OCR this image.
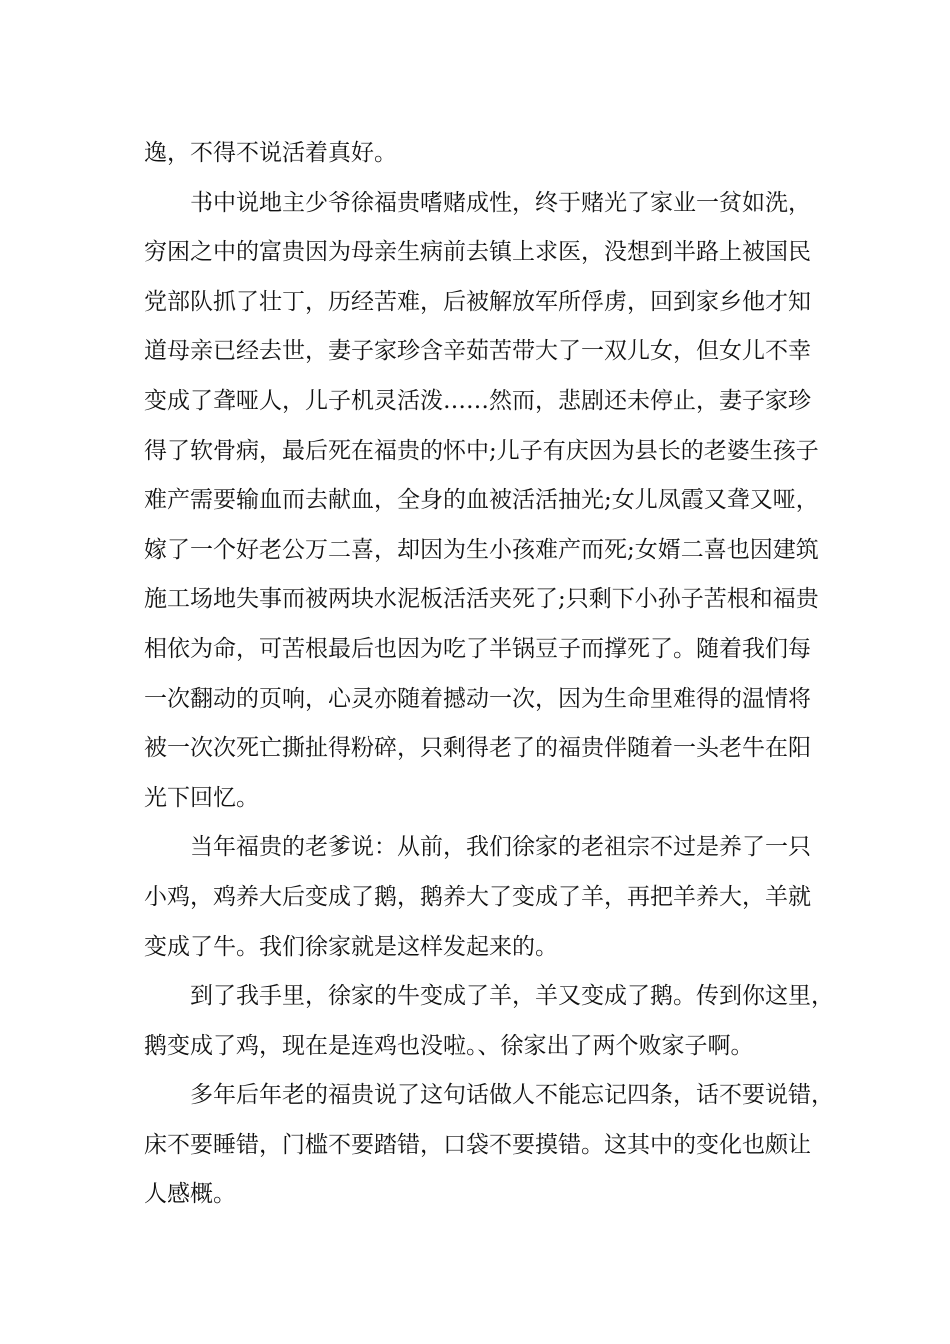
逸，不得不说活着真好。
书中说地主少爷徐福贵嗜赌成性，终于赌光了家业一贫如洗，
穷困之中的富贵因为母亲生病前去镇上求医，没想到半路上被国民
党部队抓了壮丁，历经苦难，后被解放军所俘虏，回到家乡他才知
道母亲已经去世，妻子家珍含辛茹苦带大了一双儿女，但女儿不幸
变成了聋哑人，儿子机灵活泼……然而，悲剧还未停止，妻子家珍
得了软骨病，最后死在福贵的怀中;儿子有庆因为县长的老婆生孩子
难产需要输血而去献血，全身的血被活活抽光;女儿凤霞又聋又哑，
嫁了一个好老公万二喜，却因为生小孩难产而死;女婿二喜也因建筑
施工场地失事而被两块水泥板活活夹死了;只剩下小孙子苦根和福贵
相依为命，可苦根最后也因为吃了半锅豆子而撑死了。随着我们每
一次翻动的页响，心灵亦随着撼动一次，因为生命里难得的温情将
被一次次死亡撕扯得粉碎，只剩得老了的福贵伴随着一头老牛在阳
光下回忆。
当年福贵的老爹说：从前，我们徐家的老祖宗不过是养了一只
小鸡，鸡养大后变成了鹅，鹅养大了变成了羊，再把羊养大，羊就
变成了牛。我们徐家就是这样发起来的。
到了我手里，徐家的牛变成了羊，羊又变成了鹅。传到你这里，
鹅变成了鸡，现在是连鸡也没啦。、徐家出了两个败家子啊。
多年后年老的福贵说了这句话做人不能忘记四条，话不要说错，
床不要睡错，门槛不要踏错，口袋不要摸错。这其中的变化也颇让
人感概。
